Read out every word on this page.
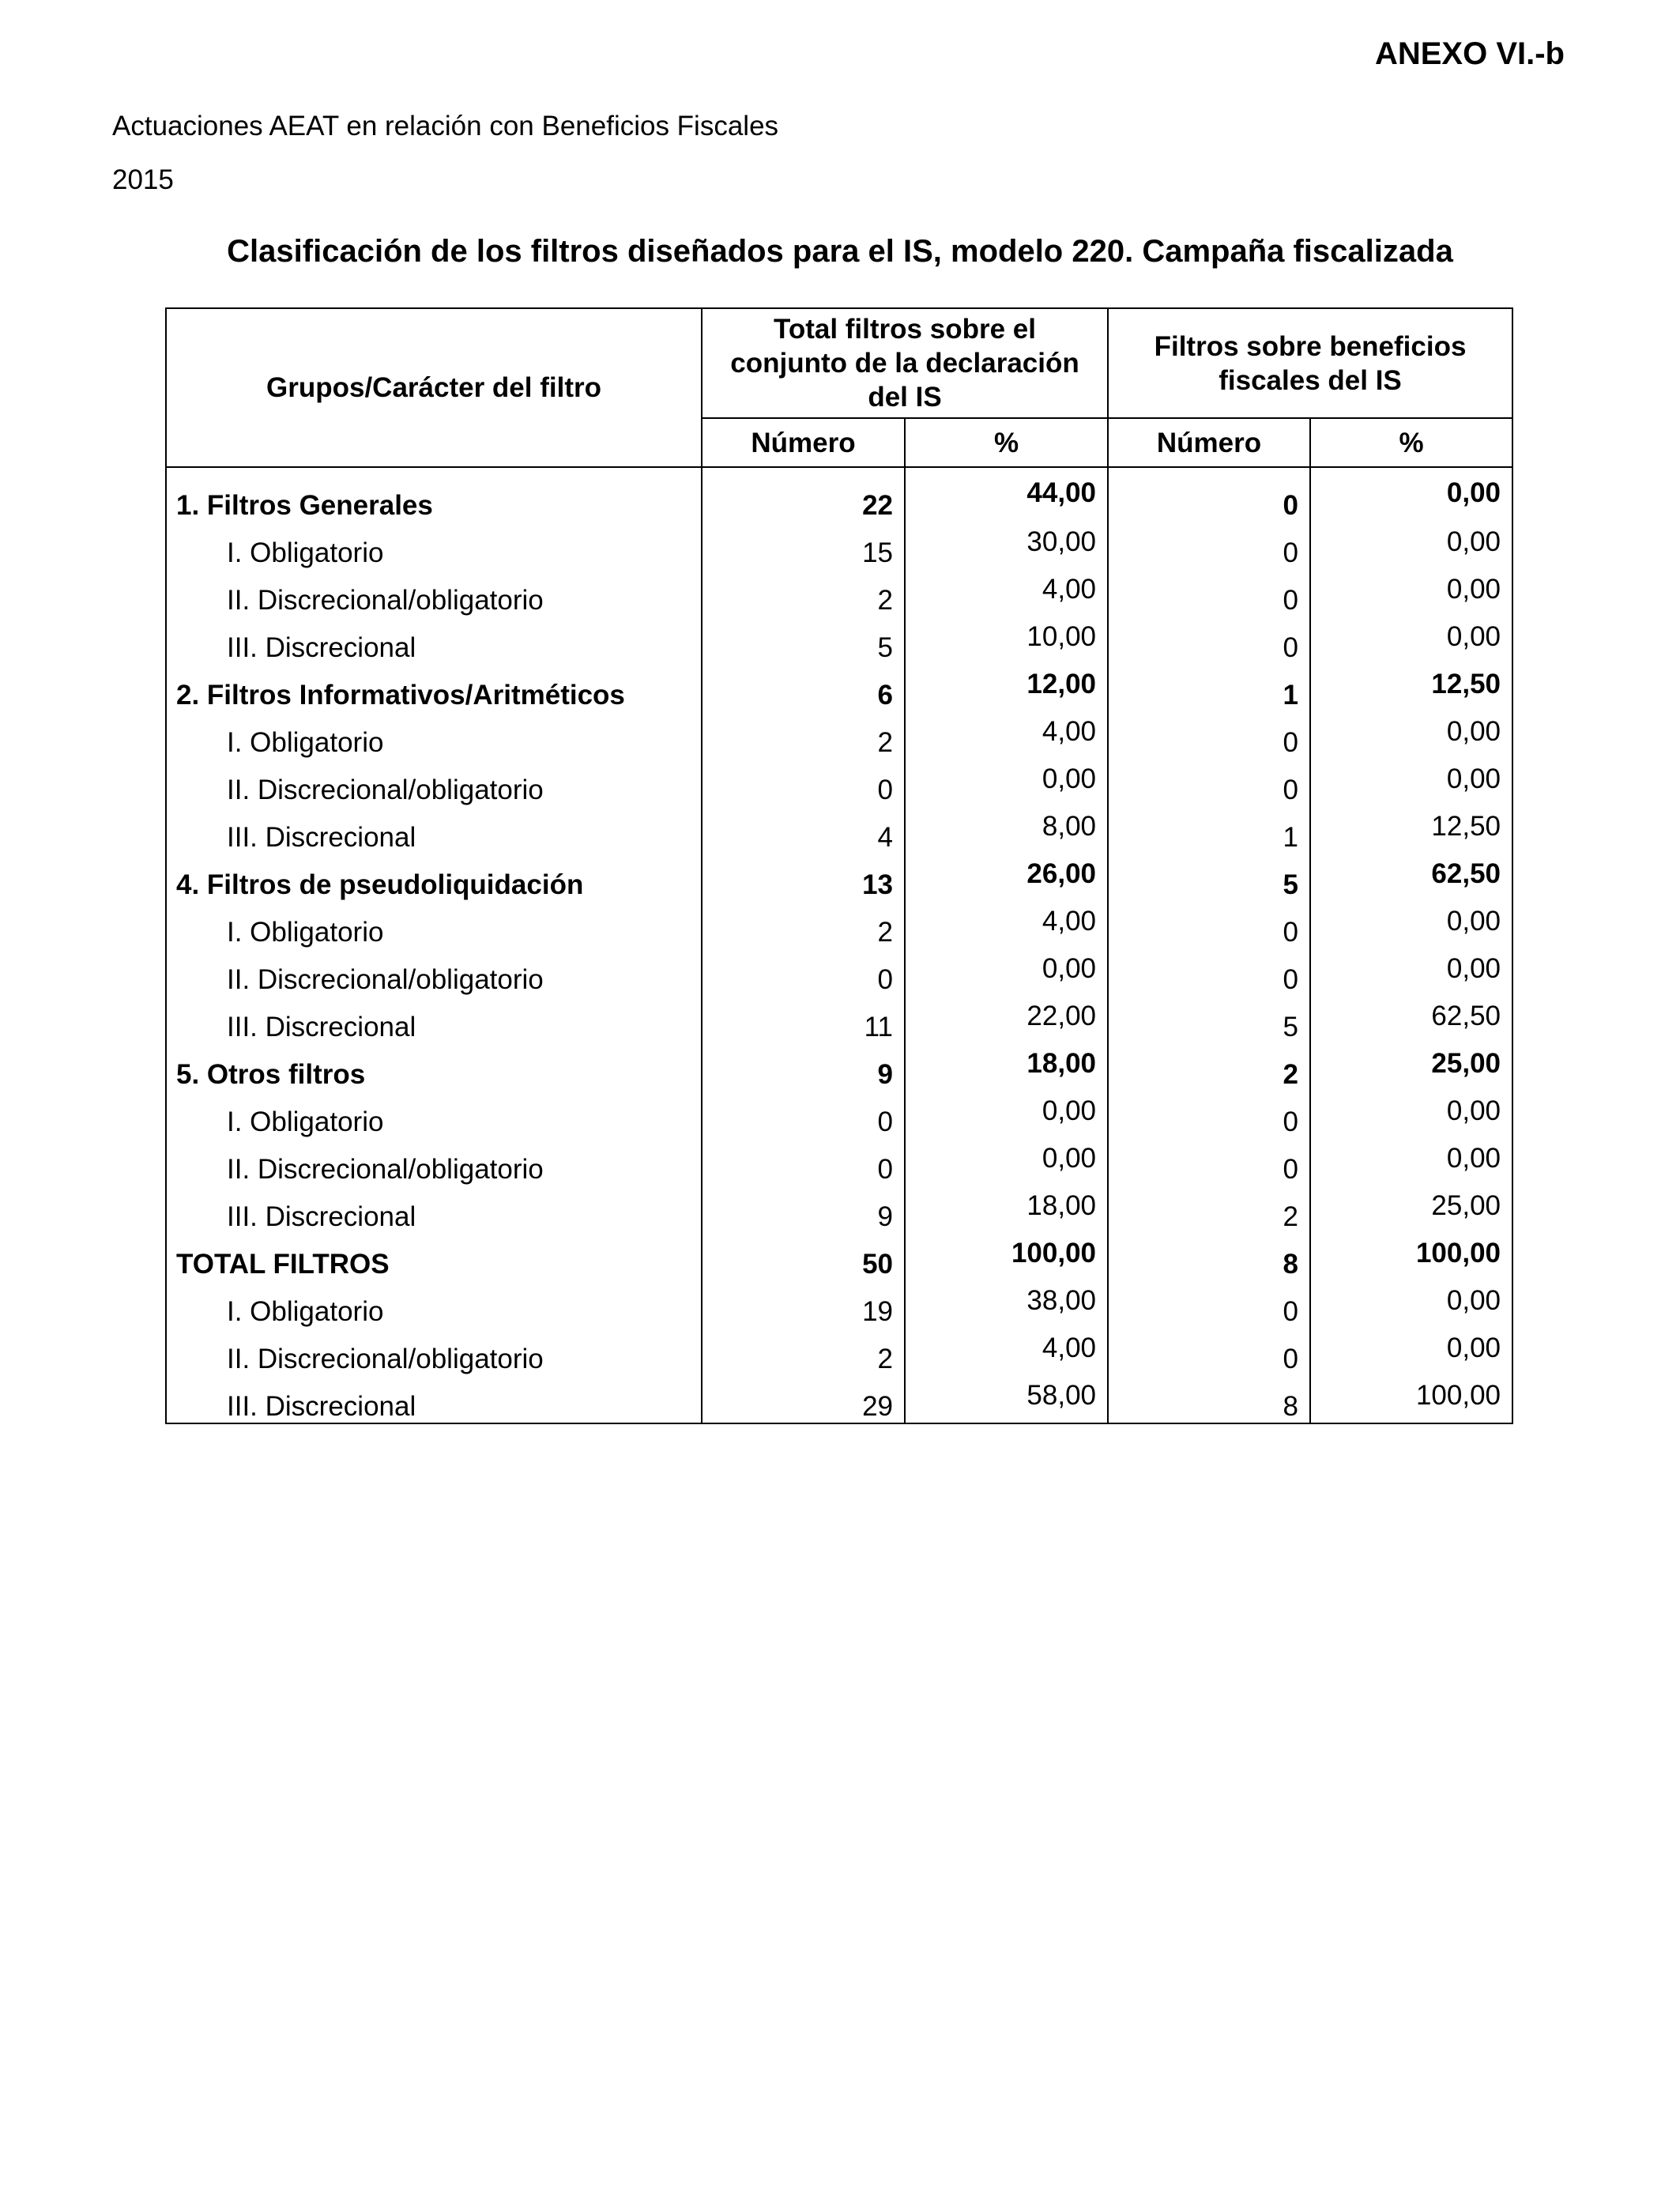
ANEXO VI.-b
Actuaciones AEAT en relación con Beneficios Fiscales
2015
Clasificación de los filtros diseñados para el IS, modelo 220. Campaña fiscalizada
Grupos/Carácter del filtro	Total filtros sobre el conjunto de la declaración del IS		Filtros sobre beneficios fiscales del IS	
	Número	%	Número	%
1. Filtros Generales	22	44,00	0	0,00
I. Obligatorio	15	30,00	0	0,00
II. Discrecional/obligatorio	2	4,00	0	0,00
III. Discrecional	5	10,00	0	0,00
2. Filtros Informativos/Aritméticos	6	12,00	1	12,50
I. Obligatorio	2	4,00	0	0,00
II. Discrecional/obligatorio	0	0,00	0	0,00
III. Discrecional	4	8,00	1	12,50
4. Filtros de pseudoliquidación	13	26,00	5	62,50
I. Obligatorio	2	4,00	0	0,00
II. Discrecional/obligatorio	0	0,00	0	0,00
III. Discrecional	11	22,00	5	62,50
5. Otros filtros	9	18,00	2	25,00
I. Obligatorio	0	0,00	0	0,00
II. Discrecional/obligatorio	0	0,00	0	0,00
III. Discrecional	9	18,00	2	25,00
TOTAL FILTROS	50	100,00	8	100,00
I. Obligatorio	19	38,00	0	0,00
II. Discrecional/obligatorio	2	4,00	0	0,00
III. Discrecional	29	58,00	8	100,00
